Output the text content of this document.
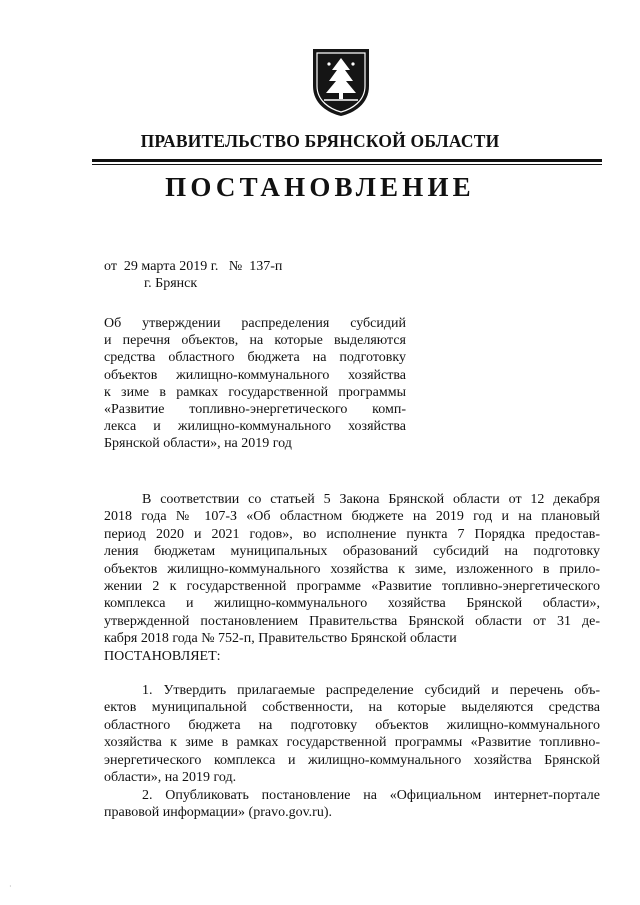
ПРАВИТЕЛЬСТВО БРЯНСКОЙ ОБЛАСТИ
ПОСТАНОВЛЕНИЕ
от  29 марта 2019 г.   №  137-п
г. Брянск
Об утверждении распределения субсидий
и перечня объектов, на которые выделяются
средства областного бюджета на подготовку
объектов жилищно-коммунального хозяйства
к зиме в рамках государственной программы
«Развитие топливно-энергетического комп-
лекса и жилищно-коммунального хозяйства
Брянской области», на 2019 год
В соответствии со статьей 5 Закона Брянской области от 12 декабря
2018 года № 107-З «Об областном бюджете на 2019 год и на плановый
период 2020 и 2021 годов», во исполнение пункта 7 Порядка предостав-
ления бюджетам муниципальных образований субсидий на подготовку
объектов жилищно-коммунального хозяйства к зиме, изложенного в прило-
жении 2 к государственной программе «Развитие топливно-энергетического
комплекса и жилищно-коммунального хозяйства Брянской области»,
утвержденной постановлением Правительства Брянской области от 31 де-
кабря 2018 года № 752-п, Правительство Брянской области
ПОСТАНОВЛЯЕТ:
1. Утвердить прилагаемые распределение субсидий и перечень объ-
ектов муниципальной собственности, на которые выделяются средства
областного бюджета на подготовку объектов жилищно-коммунального
хозяйства к зиме в рамках государственной программы «Развитие топливно-
энергетического комплекса и жилищно-коммунального хозяйства Брянской
области», на 2019 год.
2. Опубликовать постановление на «Официальном интернет-портале
правовой информации» (pravo.gov.ru).
·
